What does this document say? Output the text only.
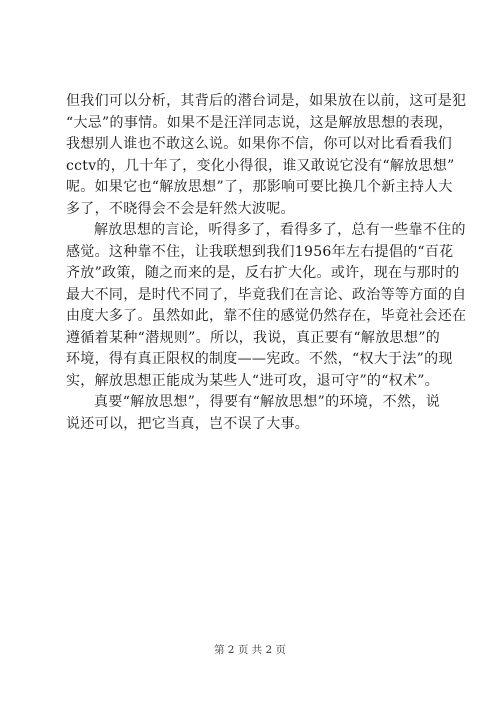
但我们可以分析，其背后的潜台词是，如果放在以前，这可是犯
“大忌”的事情。如果不是汪洋同志说，这是解放思想的表现，
我想别人谁也不敢这么说。如果你不信，你可以对比看看我们
cctv的，几十年了，变化小得很，谁又敢说它没有“解放思想”
呢。如果它也“解放思想”了，那影响可要比换几个新主持人大
多了，不晓得会不会是轩然大波呢。
解放思想的言论，听得多了，看得多了，总有一些靠不住的
感觉。这种靠不住，让我联想到我们1956年左右提倡的“百花
齐放”政策，随之而来的是，反右扩大化。或许，现在与那时的
最大不同，是时代不同了，毕竟我们在言论、政治等等方面的自
由度大多了。虽然如此，靠不住的感觉仍然存在，毕竟社会还在
遵循着某种“潜规则”。所以，我说，真正要有“解放思想”的
环境，得有真正限权的制度——宪政。不然，“权大于法”的现
实，解放思想正能成为某些人“进可攻，退可守”的“权术”。
真要“解放思想”，得要有“解放思想”的环境，不然，说
说还可以，把它当真，岂不误了大事。
第 2 页 共 2 页
